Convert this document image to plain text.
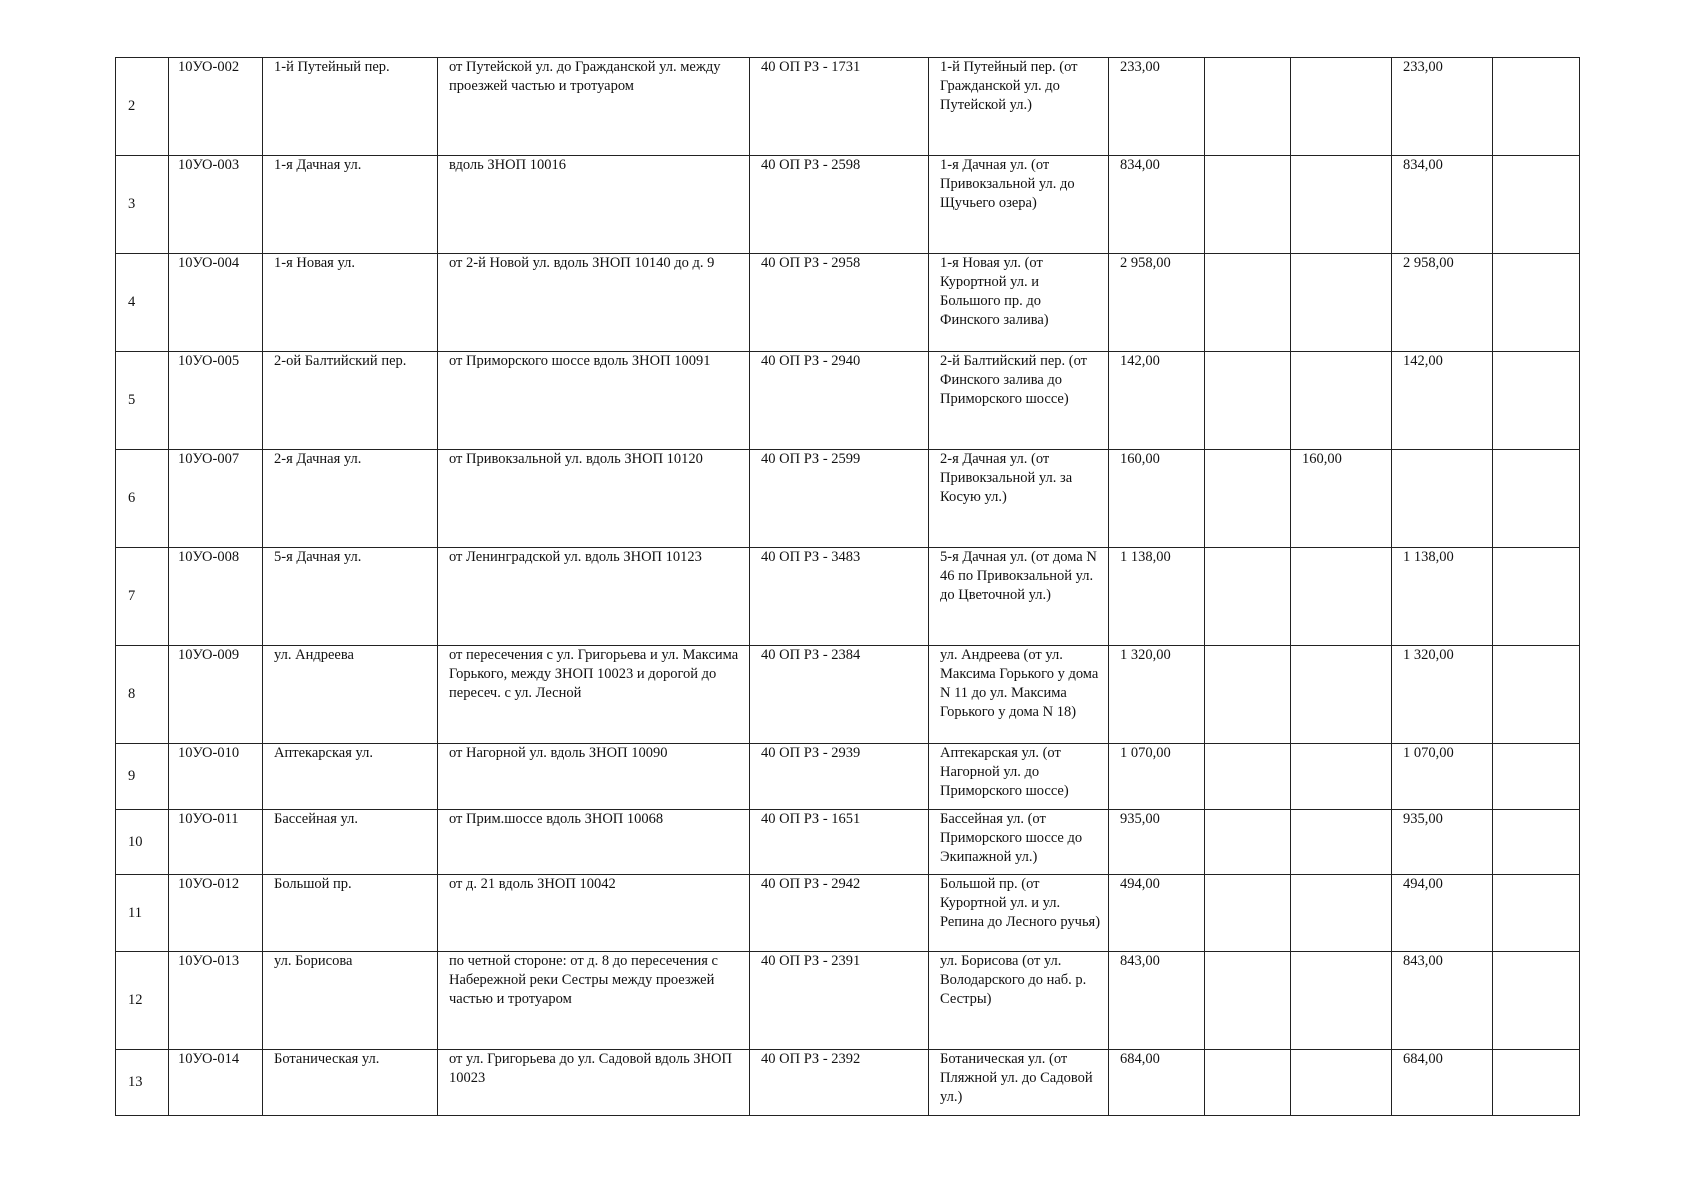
2	10УО-002	1-й Путейный пер.	от Путейской ул. до Гражданской ул. между проезжей частью и тротуаром	40 ОП РЗ - 1731	1-й Путейный пер. (от Гражданской ул. до Путейской ул.)	233,00			233,00	
3	10УО-003	1-я Дачная ул.	вдоль ЗНОП 10016	40 ОП РЗ - 2598	1-я Дачная ул. (от Привокзальной ул. до Щучьего озера)	834,00			834,00	
4	10УО-004	1-я Новая ул.	от 2-й Новой ул. вдоль ЗНОП 10140 до д. 9	40 ОП РЗ - 2958	1-я Новая ул. (от Курортной ул. и Большого пр. до Финского залива)	2 958,00			2 958,00	
5	10УО-005	2-ой Балтийский пер.	от Приморского шоссе вдоль ЗНОП 10091	40 ОП РЗ - 2940	2-й Балтийский пер. (от Финского залива до Приморского шоссе)	142,00			142,00	
6	10УО-007	2-я Дачная ул.	от Привокзальной ул. вдоль ЗНОП 10120	40 ОП РЗ - 2599	2-я Дачная ул. (от Привокзальной ул. за Косую ул.)	160,00		160,00		
7	10УО-008	5-я Дачная ул.	от Ленинградской ул. вдоль ЗНОП 10123	40 ОП РЗ - 3483	5-я Дачная ул. (от дома N 46 по Привокзальной ул. до Цветочной ул.)	1 138,00			1 138,00	
8	10УО-009	ул. Андреева	от пересечения с ул. Григорьева и ул. Максима Горького, между ЗНОП 10023 и дорогой до пересеч. с ул. Лесной	40 ОП РЗ - 2384	ул. Андреева (от ул. Максима Горького у дома N 11 до ул. Максима Горького у дома N 18)	1 320,00			1 320,00	
9	10УО-010	Аптекарская ул.	от Нагорной ул. вдоль ЗНОП 10090	40 ОП РЗ - 2939	Аптекарская ул. (от Нагорной ул. до Приморского шоссе)	1 070,00			1 070,00	
10	10УО-011	Бассейная ул.	от Прим.шоссе вдоль ЗНОП 10068	40 ОП РЗ - 1651	Бассейная ул. (от Приморского шоссе до Экипажной ул.)	935,00			935,00	
11	10УО-012	Большой пр.	от д. 21 вдоль ЗНОП 10042	40 ОП РЗ - 2942	Большой пр. (от Курортной ул. и ул. Репина до Лесного ручья)	494,00			494,00	
12	10УО-013	ул. Борисова	по четной стороне: от д. 8 до пересечения с Набережной реки Сестры между проезжей частью и тротуаром	40 ОП РЗ - 2391	ул. Борисова (от ул. Володарского до наб. р. Сестры)	843,00			843,00	
13	10УО-014	Ботаническая ул.	от ул. Григорьева до ул. Садовой вдоль ЗНОП 10023	40 ОП РЗ - 2392	Ботаническая ул. (от Пляжной ул. до Садовой ул.)	684,00			684,00	
